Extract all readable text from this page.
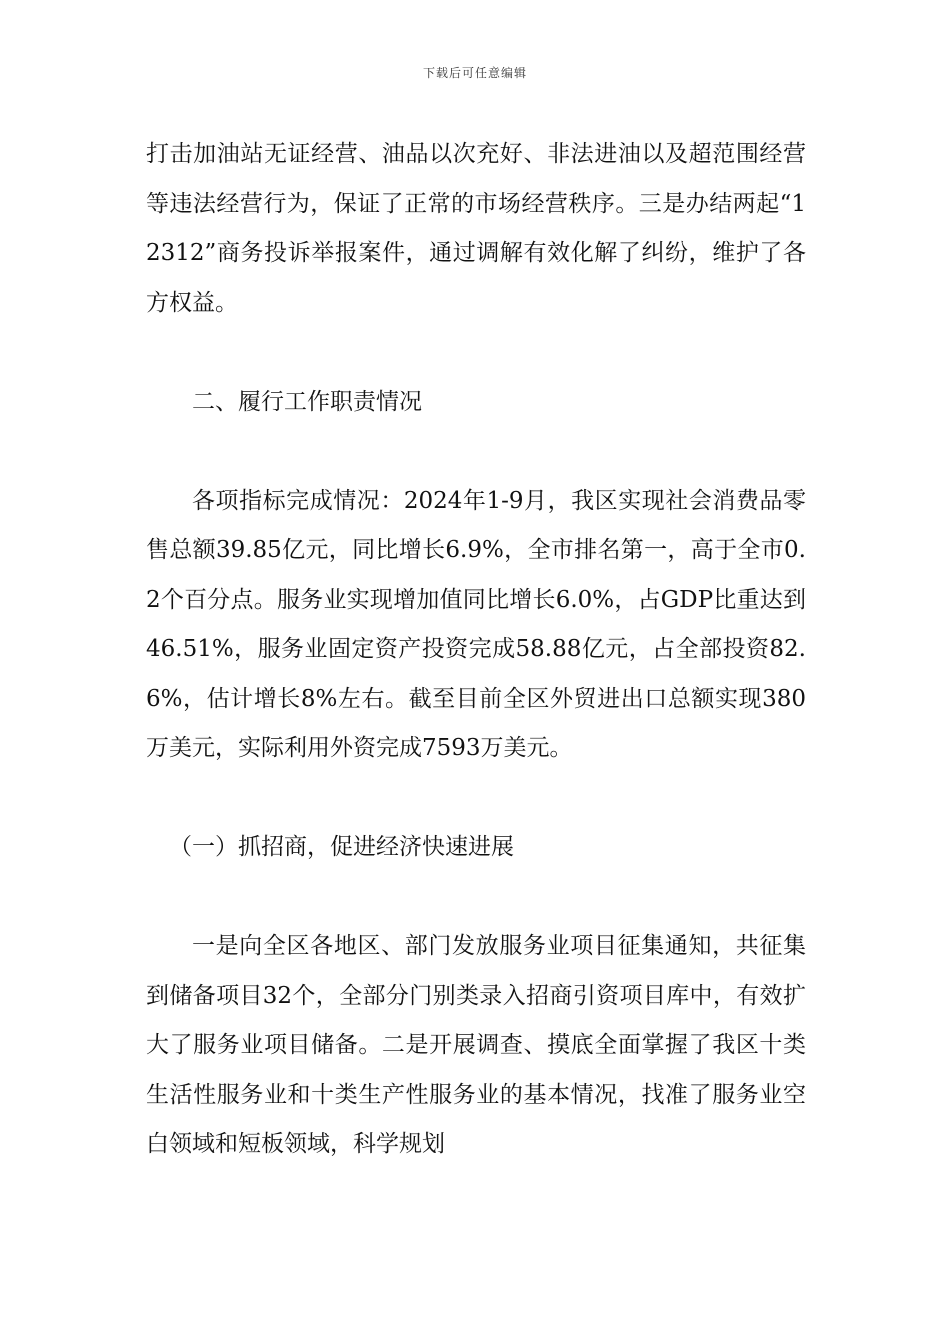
下载后可任意编辑

打击加油站无证经营、油品以次充好、非法进油以及超范围经营等违法经营行为，保证了正常的市场经营秩序。三是办结两起“12312”商务投诉举报案件，通过调解有效化解了纠纷，维护了各方权益。

二、履行工作职责情况

各项指标完成情况：2024年1-9月，我区实现社会消费品零售总额39.85亿元，同比增长6.9%，全市排名第一，高于全市0.2个百分点。服务业实现增加值同比增长6.0%，占GDP比重达到46.51%，服务业固定资产投资完成58.88亿元，占全部投资82.6%，估计增长8%左右。截至目前全区外贸进出口总额实现380万美元，实际利用外资完成7593万美元。

（一）抓招商，促进经济快速进展

一是向全区各地区、部门发放服务业项目征集通知，共征集到储备项目32个，全部分门别类录入招商引资项目库中，有效扩大了服务业项目储备。二是开展调查、摸底全面掌握了我区十类生活性服务业和十类生产性服务业的基本情况，找准了服务业空白领域和短板领域，科学规划
